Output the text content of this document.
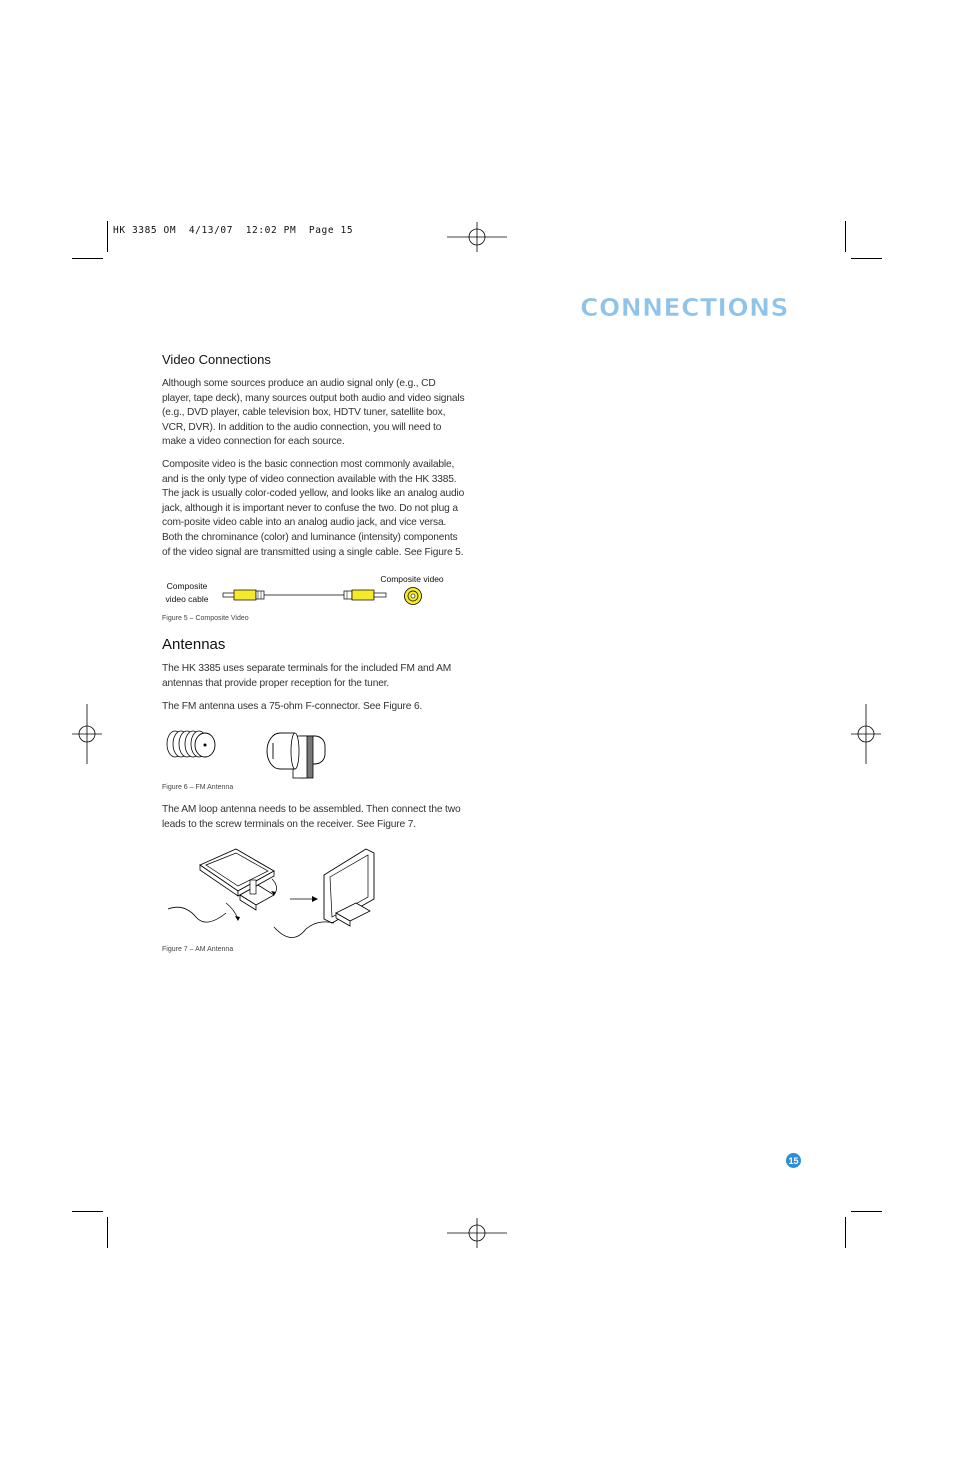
HK 3385 OM  4/13/07  12:02 PM  Page 15
CONNECTIONS
Video Connections
Although some sources produce an audio signal only (e.g., CD player, tape deck), many sources output both audio and video signals (e.g., DVD player, cable television box, HDTV tuner, satellite box, VCR, DVR). In addition to the audio connection, you will need to make a video connection for each source.
Composite video is the basic connection most commonly available, and is the only type of video connection available with the HK 3385. The jack is usually color-coded yellow, and looks like an analog audio jack, although it is important never to confuse the two. Do not plug a com-posite video cable into an analog audio jack, and vice versa. Both the chrominance (color) and luminance (intensity) components of the video signal are transmitted using a single cable. See Figure 5.
Composite
video cable
Composite video
Figure 5 – Composite Video
Antennas
The HK 3385 uses separate terminals for the included FM and AM antennas that provide proper reception for the tuner.
The FM antenna uses a 75-ohm F-connector. See Figure 6.
Figure 6 – FM Antenna
The AM loop antenna needs to be assembled. Then connect the two leads to the screw terminals on the receiver. See Figure 7.
Figure 7 – AM Antenna
15
